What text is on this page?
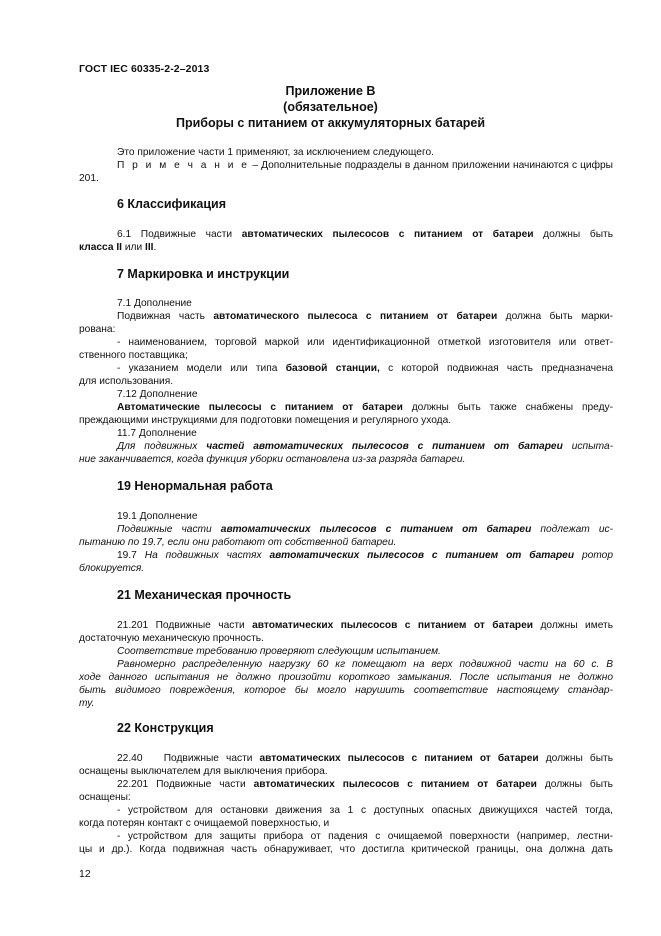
ГОСТ IEC 60335-2-2–2013
Приложение В
(обязательное)
Приборы с питанием от аккумуляторных батарей
Это приложение части 1 применяют, за исключением следующего.
П р и м е ч а н и е – Дополнительные подразделы в данном приложении начинаются с цифры
201.
6 Классификация
6.1 Подвижные части автоматических пылесосов с питанием от батареи должны быть
класса II или III.
7 Маркировка и инструкции
7.1 Дополнение
Подвижная часть автоматического пылесоса с питанием от батареи должна быть марки-
рована:
- наименованием, торговой маркой или идентификационной отметкой изготовителя или ответ-
ственного поставщика;
- указанием модели или типа базовой станции, с которой подвижная часть предназначена
для использования.
7.12 Дополнение
Автоматические пылесосы с питанием от батареи должны быть также снабжены преду-
преждающими инструкциями для подготовки помещения и регулярного ухода.
11.7 Дополнение
Для подвижных частей автоматических пылесосов с питанием от батареи испыта-
ние заканчивается, когда функция уборки остановлена из-за разряда батареи.
19 Ненормальная работа
19.1 Дополнение
Подвижные части автоматических пылесосов с питанием от батареи подлежат ис-
пытанию по 19.7, если они работают от собственной батареи.
19.7 На подвижных частях автоматических пылесосов с питанием от батареи ротор
блокируется.
21 Механическая прочность
21.201 Подвижные части автоматических пылесосов с питанием от батареи должны иметь
достаточную механическую прочность.
Соответствие требованию проверяют следующим испытанием.
Равномерно распределенную нагрузку 60 кг помещают на верх подвижной части на 60 с. В
ходе данного испытания не должно произойти короткого замыкания. После испытания не должно
быть видимого повреждения, которое бы могло нарушить соответствие настоящему стандар-
ту.
22 Конструкция
22.40   Подвижные части автоматических пылесосов с питанием от батареи должны быть
оснащены выключателем для выключения прибора.
22.201 Подвижные части автоматических пылесосов с питанием от батареи должны быть
оснащены:
- устройством для остановки движения за 1 с доступных опасных движущихся частей тогда,
когда потерян контакт с очищаемой поверхностью, и
- устройством для защиты прибора от падения с очищаемой поверхности (например, лестни-
цы и др.). Когда подвижная часть обнаруживает, что достигла критической границы, она должна дать
12
